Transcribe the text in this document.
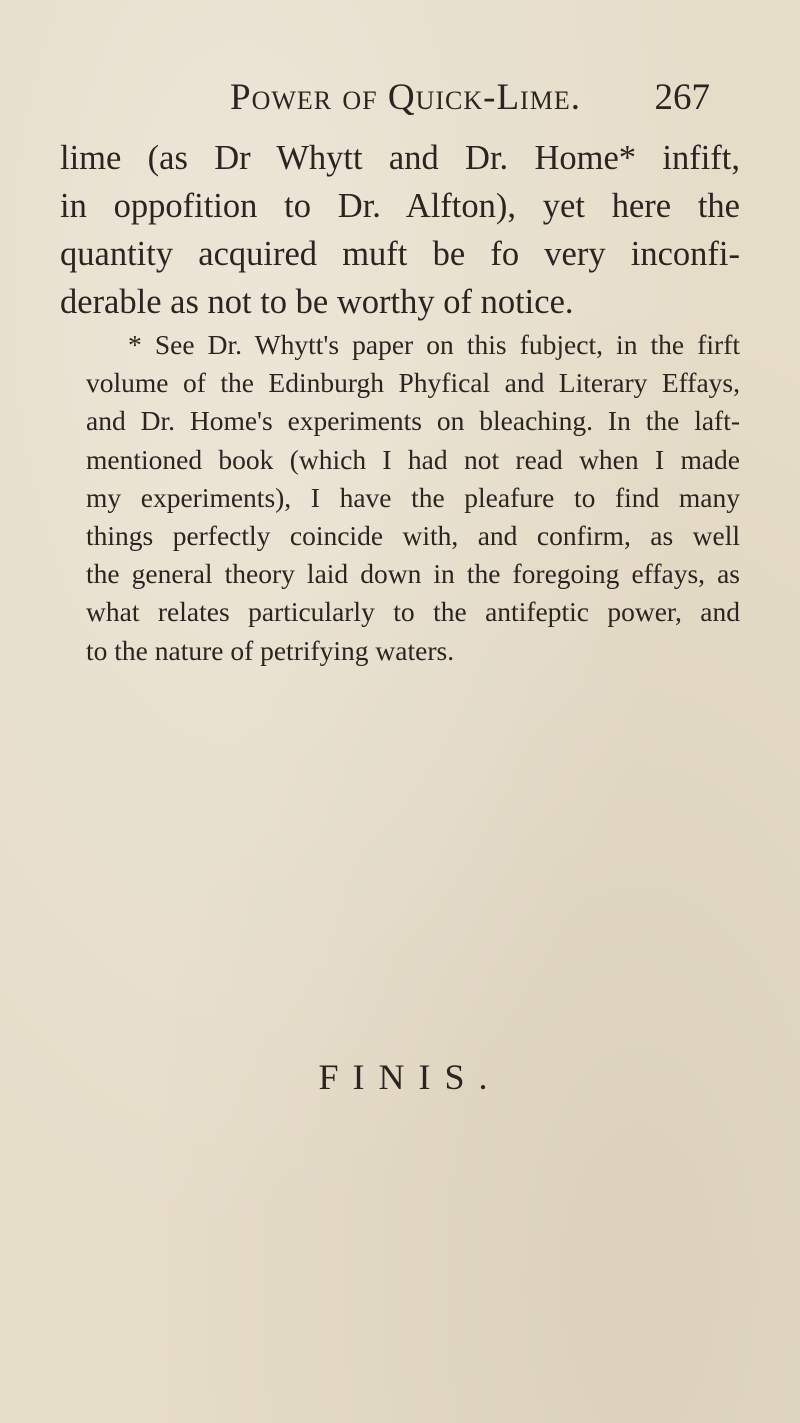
Power of Quick-Lime. 267
lime (as Dr Whytt and Dr. Home* infift,
in oppofition to Dr. Alfton), yet here the
quantity acquired muft be fo very inconfi-
derable as not to be worthy of notice.
* See Dr. Whytt's paper on this fubject, in the firft
volume of the Edinburgh Phyfical and Literary Effays,
and Dr. Home's experiments on bleaching. In the laft-
mentioned book (which I had not read when I made
my experiments), I have the pleafure to find many
things perfectly coincide with, and confirm, as well
the general theory laid down in the foregoing effays, as
what relates particularly to the antifeptic power, and
to the nature of petrifying waters.
FINIS.
